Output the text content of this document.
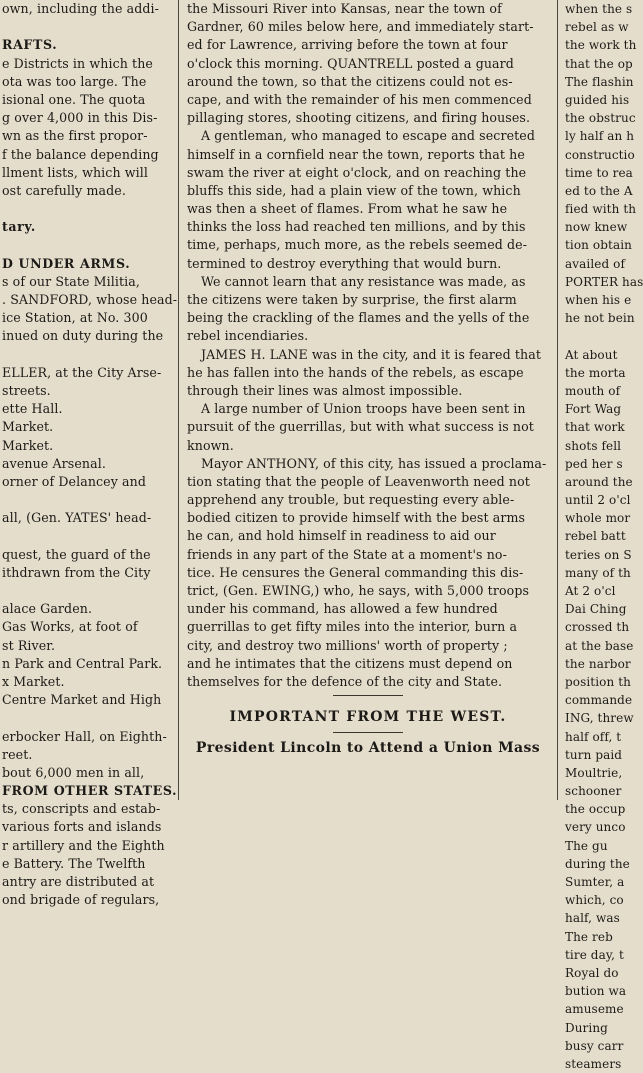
own, including the addi-
RAFTS.
e Districts in which the
ota was too large. The
isional one. The quota
g over 4,000 in this Dis-
wn as the first propor-
f the balance depending
llment lists, which will
ost carefully made.
tary.
D UNDER ARMS.
s of our State Militia,
. SANDFORD, whose head-
ice Station, at No. 300
inued on duty during the
ELLER, at the City Arse-
streets.
ette Hall.
Market.
Market.
avenue Arsenal.
orner of Delancey and
all, (Gen. YATES' head-
quest, the guard of the
ithdrawn from the City
alace Garden.
Gas Works, at foot of
st River.
n Park and Central Park.
x Market.
Centre Market and High
erbocker Hall, on Eighth-
reet.
bout 6,000 men in all,
FROM OTHER STATES.
ts, conscripts and estab-
various forts and islands
r artillery and the Eighth
e Battery. The Twelfth
antry are distributed at
ond brigade of regulars,
the Missouri River into Kansas, near the town of
Gardner, 60 miles below here, and immediately start-
ed for Lawrence, arriving before the town at four
o'clock this morning. QUANTRELL posted a guard
around the town, so that the citizens could not es-
cape, and with the remainder of his men commenced
pillaging stores, shooting citizens, and firing houses.
A gentleman, who managed to escape and secreted
himself in a cornfield near the town, reports that he
swam the river at eight o'clock, and on reaching the
bluffs this side, had a plain view of the town, which
was then a sheet of flames. From what he saw he
thinks the loss had reached ten millions, and by this
time, perhaps, much more, as the rebels seemed de-
termined to destroy everything that would burn.
We cannot learn that any resistance was made, as
the citizens were taken by surprise, the first alarm
being the crackling of the flames and the yells of the
rebel incendiaries.
JAMES H. LANE was in the city, and it is feared that
he has fallen into the hands of the rebels, as escape
through their lines was almost impossible.
A large number of Union troops have been sent in
pursuit of the guerrillas, but with what success is not
known.
Mayor ANTHONY, of this city, has issued a proclama-
tion stating that the people of Leavenworth need not
apprehend any trouble, but requesting every able-
bodied citizen to provide himself with the best arms
he can, and hold himself in readiness to aid our
friends in any part of the State at a moment's no-
tice. He censures the General commanding this dis-
trict, (Gen. EWING,) who, he says, with 5,000 troops
under his command, has allowed a few hundred
guerrillas to get fifty miles into the interior, burn a
city, and destroy two millions' worth of property ;
and he intimates that the citizens must depend on
themselves for the defence of the city and State.
IMPORTANT FROM THE WEST.
President Lincoln to Attend a Union Mass
when the s
rebel as w
the work th
that the op
The flashin
guided his
the obstruc
ly half an h
constructio
time to rea
ed to the A
fied with th
now knew
tion obtain
availed of
PORTER has
when his e
he not bein
At about
the morta
mouth of
Fort Wag
that work
shots fell
ped her s
around the
until 2 o'cl
whole mor
rebel batt
teries on S
many of th
At 2 o'cl
Dai Ching
crossed th
at the base
the narbor
position th
commande
ING, threw
half off, t
turn paid
Moultrie,
schooner
the occup
very unco
The gu
during the
Sumter, a
which, co
half, was
The reb
tire day, t
Royal do
bution wa
amuseme
During
busy carr
steamers
